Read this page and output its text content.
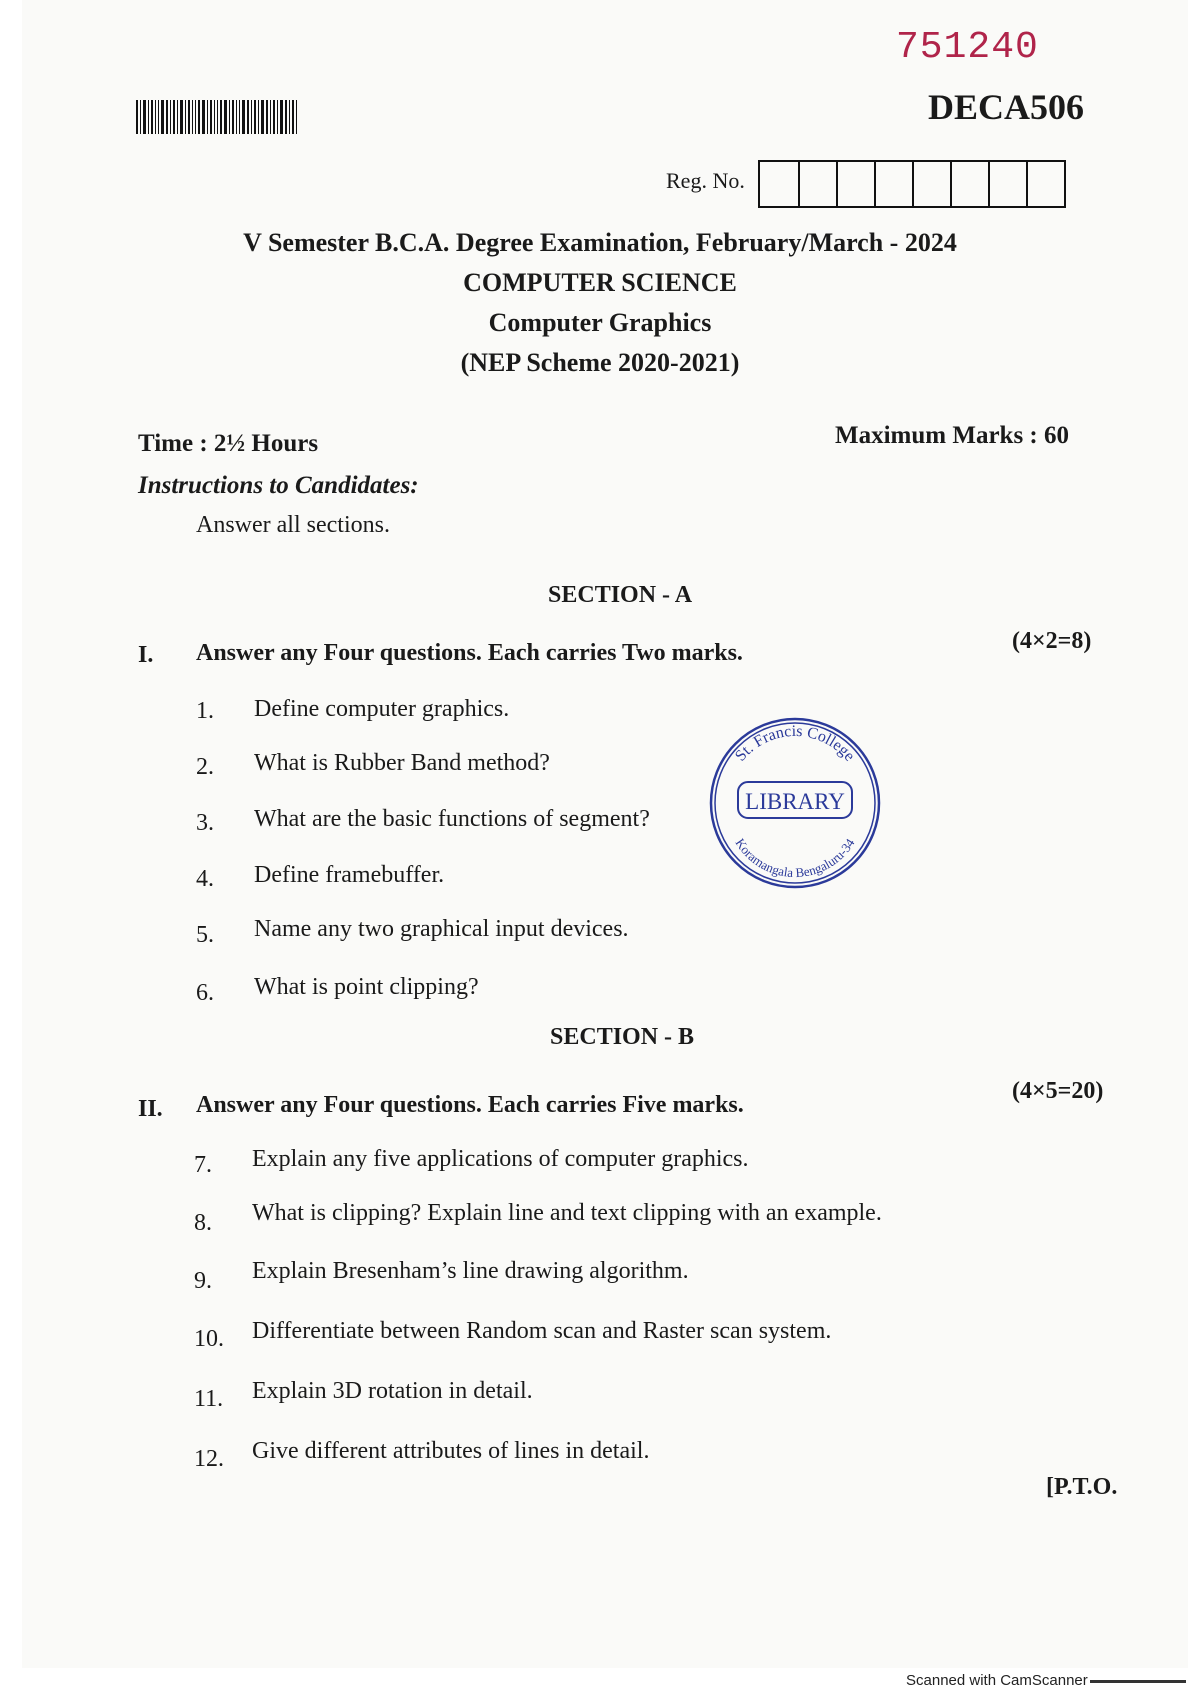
751240
DECA506
Reg. No.
V Semester B.C.A. Degree Examination, February/March - 2024
COMPUTER SCIENCE
Computer Graphics
(NEP Scheme 2020-2021)
Time : 2½ Hours	Maximum Marks : 60
Instructions to Candidates:
Answer all sections.
SECTION - A
I. Answer any Four questions. Each carries Two marks.	(4×2=8)
1. Define computer graphics.
2. What is Rubber Band method?
3. What are the basic functions of segment?
4. Define framebuffer.
5. Name any two graphical input devices.
6. What is point clipping?
St. Francis College
Koramangala Bengaluru-34
LIBRARY
SECTION - B
II. Answer any Four questions. Each carries Five marks.
(4×5=20)
7. Explain any five applications of computer graphics.
8. What is clipping? Explain line and text clipping with an example.
9. Explain Bresenham’s line drawing algorithm.
10. Differentiate between Random scan and Raster scan system.
11. Explain 3D rotation in detail.
12. Give different attributes of lines in detail.
[P.T.O.
Scanned with CamScanner
